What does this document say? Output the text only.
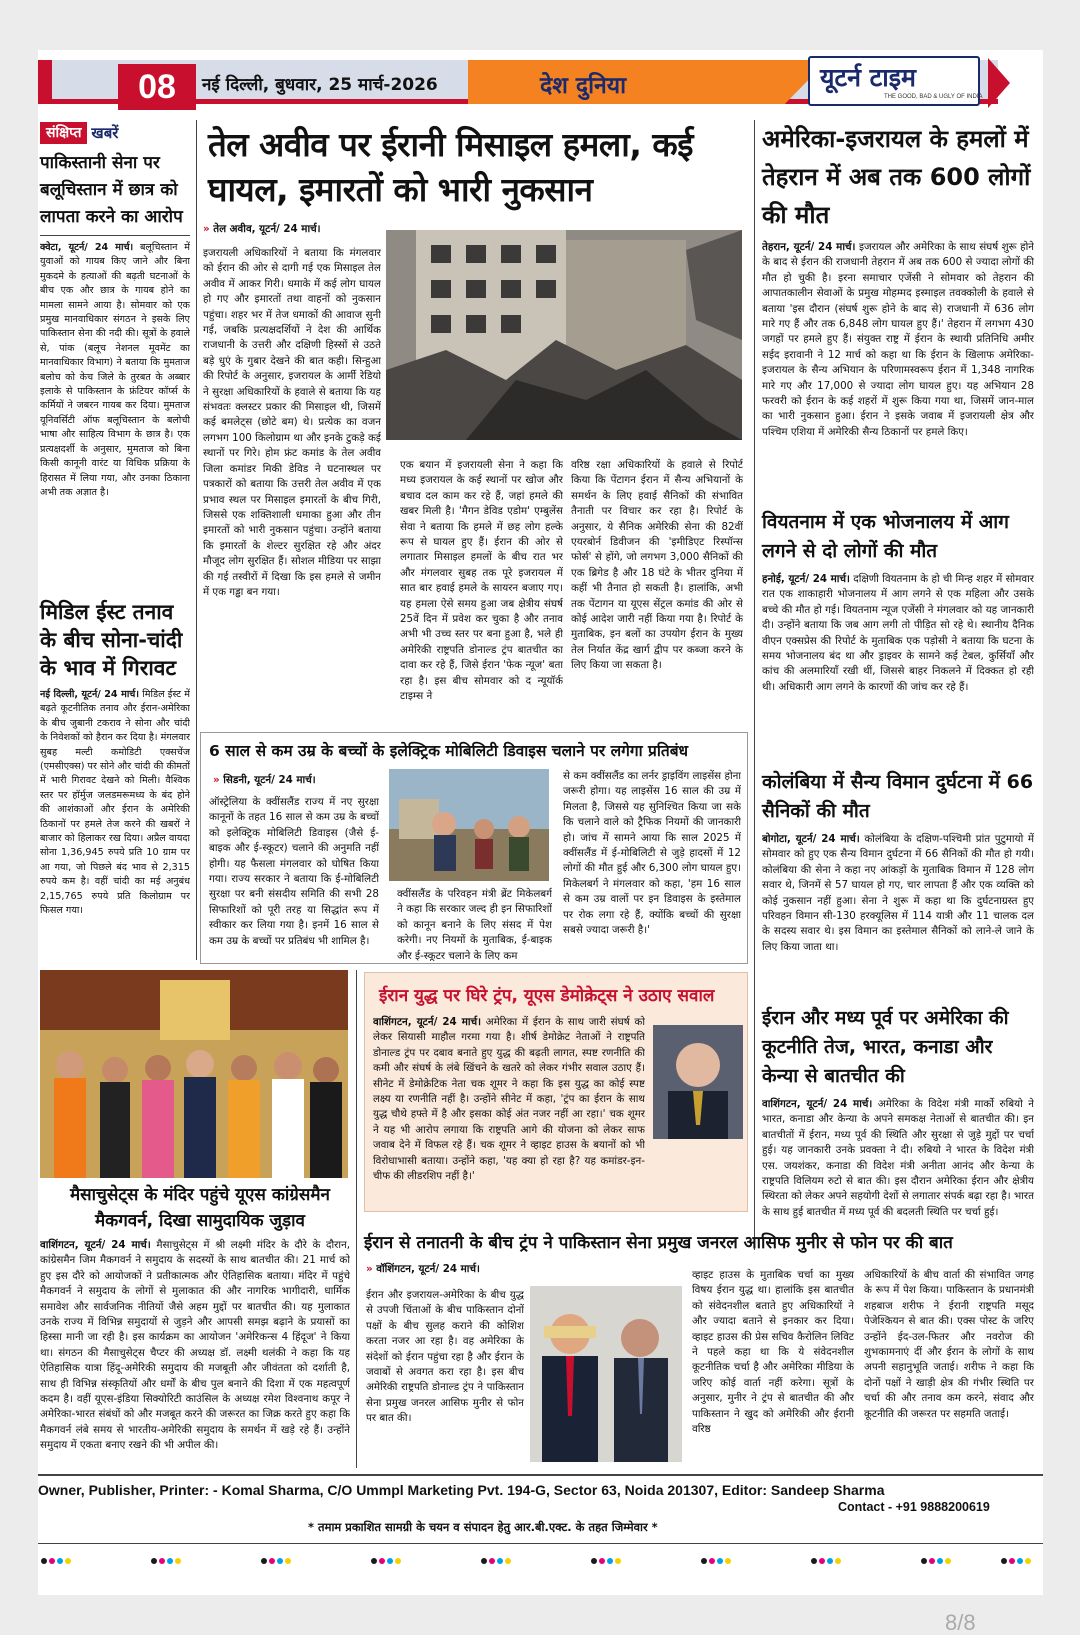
08	नई दिल्ली, बुधवार, 25 मार्च-2026	देश दुनिया	यूटर्न टाइम
THE GOOD, BAD & UGLY OF INDIA
संक्षिप्त खबरें
पाकिस्तानी सेना पर बलूचिस्तान में छात्र को लापता करने का आरोप
क्वेटा, यूटर्न/ 24 मार्च। बलूचिस्तान में युवाओं को गायब किए जाने और बिना मुकदमे के हत्याओं की बढ़ती घटनाओं के बीच एक और छात्र के गायब होने का मामला सामने आया है। सोमवार को एक प्रमुख मानवाधिकार संगठन ने इसके लिए पाकिस्तान सेना की नदी की। सूत्रों के हवाले से, पांक (बलूच नेशनल मूवमेंट का मानवाधिकार विभाग) ने बताया कि मुमताज बलोच को केच जिले के तुरबत के अब्बार इलाके से पाकिस्तान के फ्रंटियर कॉर्प्स के कर्मियों ने जबरन गायब कर दिया। मुमताज यूनिवर्सिटी ऑफ बलूचिस्तान के बलोची भाषा और साहित्य विभाग के छात्र है। एक प्रत्यक्षदर्शी के अनुसार, मुमताज को बिना किसी कानूनी वारंट या विधिक प्रक्रिया के हिरासत में लिया गया, और उनका ठिकाना अभी तक अज्ञात है।
मिडिल ईस्ट तनाव के बीच सोना-चांदी के भाव में गिरावट
नई दिल्ली, यूटर्न/ 24 मार्च। मिडिल ईस्ट में बढ़ते कूटनीतिक तनाव और ईरान-अमेरिका के बीच जुबानी टकराव ने सोना और चांदी के निवेशकों को हैरान कर दिया है। मंगलवार सुबह मल्टी कमोडिटी एक्सचेंज (एमसीएक्स) पर सोने और चांदी की कीमतों में भारी गिरावट देखने को मिली। वैश्विक स्तर पर हॉर्मुज जलडमरूमध्य के बंद होने की आशंकाओं और ईरान के अमेरिकी ठिकानों पर हमले तेज करने की खबरों ने बाजार को हिलाकर रख दिया। अप्रैल वायदा सोना 1,36,945 रुपये प्रति 10 ग्राम पर आ गया, जो पिछले बंद भाव से 2,315 रुपये कम है। वहीं चांदी का मई अनुबंध 2,15,765 रुपये प्रति किलोग्राम पर फिसल गया।
तेल अवीव पर ईरानी मिसाइल हमला, कई घायल, इमारतों को भारी नुकसान
» तेल अवीव, यूटर्न/ 24 मार्च।
इजरायली अधिकारियों ने बताया कि मंगलवार को ईरान की ओर से दागी गई एक मिसाइल तेल अवीव में आकर गिरी। धमाके में कई लोग घायल हो गए और इमारतों तथा वाहनों को नुकसान पहुंचा। शहर भर में तेज धमाकों की आवाज सुनी गई, जबकि प्रत्यक्षदर्शियों ने देश की आर्थिक राजधानी के उत्तरी और दक्षिणी हिस्सों से उठते बड़े धुएं के गुबार देखने की बात कही। सिन्हुआ की रिपोर्ट के अनुसार, इजरायल के आर्मी रेडियो ने सुरक्षा अधिकारियों के हवाले से बताया कि यह संभवतः क्लस्टर प्रकार की मिसाइल थी, जिसमें कई बमलेट्स (छोटे बम) थे। प्रत्येक का वजन लगभग 100 किलोग्राम था और इनके टुकड़े कई स्थानों पर गिरे। होम फ्रंट कमांड के तेल अवीव जिला कमांडर मिकी डेविड ने घटनास्थल पर पत्रकारों को बताया कि उत्तरी तेल अवीव में एक प्रभाव स्थल पर मिसाइल इमारतों के बीच गिरी, जिससे एक शक्तिशाली धमाका हुआ और तीन इमारतों को भारी नुकसान पहुंचा। उन्होंने बताया कि इमारतों के शेल्टर सुरक्षित रहे और अंदर मौजूद लोग सुरक्षित हैं। सोशल मीडिया पर साझा की गई तस्वीरों में दिखा कि इस हमले से जमीन में एक गड्ढा बन गया।
एक बयान में इजरायली सेना ने कहा कि मध्य इजरायल के कई स्थानों पर खोज और बचाव दल काम कर रहे हैं, जहां हमले की खबर मिली है। 'मैगन डेविड एडोम' एम्बुलेंस सेवा ने बताया कि हमले में छह लोग हल्के रूप से घायल हुए हैं। ईरान की ओर से लगातार मिसाइल हमलों के बीच रात भर और मंगलवार सुबह तक पूरे इजरायल में सात बार हवाई हमले के सायरन बजाए गए। यह हमला ऐसे समय हुआ जब क्षेत्रीय संघर्ष 25वें दिन में प्रवेश कर चुका है और तनाव अभी भी उच्च स्तर पर बना हुआ है, भले ही अमेरिकी राष्ट्रपति डोनाल्ड ट्रंप बातचीत का दावा कर रहे हैं, जिसे ईरान 'फेक न्यूज' बता रहा है। इस बीच सोमवार को द न्यूयॉर्क टाइम्स ने
वरिष्ठ रक्षा अधिकारियों के हवाले से रिपोर्ट किया कि पेंटागन ईरान में सैन्य अभियानों के समर्थन के लिए हवाई सैनिकों की संभावित तैनाती पर विचार कर रहा है। रिपोर्ट के अनुसार, ये सैनिक अमेरिकी सेना की 82वीं एयरबोर्न डिवीजन की 'इमीडिएट रिस्पॉन्स फोर्स' से होंगे, जो लगभग 3,000 सैनिकों की एक ब्रिगेड है और 18 घंटे के भीतर दुनिया में कहीं भी तैनात हो सकती है। हालांकि, अभी तक पेंटागन या यूएस सेंट्रल कमांड की ओर से कोई आदेश जारी नहीं किया गया है। रिपोर्ट के मुताबिक, इन बलों का उपयोग ईरान के मुख्य तेल निर्यात केंद्र खार्ग द्वीप पर कब्जा करने के लिए किया जा सकता है।
6 साल से कम उम्र के बच्चों के इलेक्ट्रिक मोबिलिटी डिवाइस चलाने पर लगेगा प्रतिबंध
» सिडनी, यूटर्न/ 24 मार्च।
ऑस्ट्रेलिया के क्वींसलैंड राज्य में नए सुरक्षा कानूनों के तहत 16 साल से कम उम्र के बच्चों को इलेक्ट्रिक मोबिलिटी डिवाइस (जैसे ई-बाइक और ई-स्कूटर) चलाने की अनुमति नहीं होगी। यह फैसला मंगलवार को घोषित किया गया। राज्य सरकार ने बताया कि ई-मोबिलिटी सुरक्षा पर बनी संसदीय समिति की सभी 28 सिफारिशों को पूरी तरह या सिद्धांत रूप में स्वीकार कर लिया गया है। इनमें 16 साल से कम उम्र के बच्चों पर प्रतिबंध भी शामिल है।
क्वींसलैंड के परिवहन मंत्री ब्रेंट मिकेलबर्ग ने कहा कि सरकार जल्द ही इन सिफारिशों को कानून बनाने के लिए संसद में पेश करेगी। नए नियमों के मुताबिक, ई-बाइक और ई-स्कूटर चलाने के लिए कम
से कम क्वींसलैंड का लर्नर ड्राइविंग लाइसेंस होना जरूरी होगा। यह लाइसेंस 16 साल की उम्र में मिलता है, जिससे यह सुनिश्चित किया जा सके कि चलाने वाले को ट्रैफिक नियमों की जानकारी हो। जांच में सामने आया कि साल 2025 में क्वींसलैंड में ई-मोबिलिटी से जुड़े हादसों में 12 लोगों की मौत हुई और 6,300 लोग घायल हुए। मिकेलबर्ग ने मंगलवार को कहा, 'हम 16 साल से कम उम्र वालों पर इन डिवाइस के इस्तेमाल पर रोक लगा रहे हैं, क्योंकि बच्चों की सुरक्षा सबसे ज्यादा जरूरी है।'
अमेरिका-इजरायल के हमलों में तेहरान में अब तक 600 लोगों की मौत
तेहरान, यूटर्न/ 24 मार्च। इजरायल और अमेरिका के साथ संघर्ष शुरू होने के बाद से ईरान की राजधानी तेहरान में अब तक 600 से ज्यादा लोगों की मौत हो चुकी है। इरना समाचार एजेंसी ने सोमवार को तेहरान की आपातकालीन सेवाओं के प्रमुख मोहम्मद इस्माइल तवक्कोली के हवाले से बताया 'इस दौरान (संघर्ष शुरू होने के बाद से) राजधानी में 636 लोग मारे गए हैं और तक 6,848 लोग घायल हुए हैं।' तेहरान में लगभग 430 जगहों पर हमले हुए हैं। संयुक्त राष्ट्र में ईरान के स्थायी प्रतिनिधि अमीर सईद इरावानी ने 12 मार्च को कहा था कि ईरान के खिलाफ अमेरिका-इजरायल के सैन्य अभियान के परिणामस्वरूप ईरान में 1,348 नागरिक मारे गए और 17,000 से ज्यादा लोग घायल हुए। यह अभियान 28 फरवरी को ईरान के कई शहरों में शुरू किया गया था, जिसमें जान-माल का भारी नुकसान हुआ। ईरान ने इसके जवाब में इजरायली क्षेत्र और पश्चिम एशिया में अमेरिकी सैन्य ठिकानों पर हमले किए।
वियतनाम में एक भोजनालय में आग लगने से दो लोगों की मौत
हनोई, यूटर्न/ 24 मार्च। दक्षिणी वियतनाम के हो ची मिन्ह शहर में सोमवार रात एक शाकाहारी भोजनालय में आग लगने से एक महिला और उसके बच्चे की मौत हो गई। वियतनाम न्यूज एजेंसी ने मंगलवार को यह जानकारी दी। उन्होंने बताया कि जब आग लगी तो पीड़ित सो रहे थे। स्थानीय दैनिक वीएन एक्सप्रेस की रिपोर्ट के मुताबिक एक पड़ोसी ने बताया कि घटना के समय भोजनालय बंद था और ड्राइवर के सामने कई टेबल, कुर्सियाँ और कांच की अलमारियाँ रखी थीं, जिससे बाहर निकलने में दिक्कत हो रही थी। अधिकारी आग लगने के कारणों की जांच कर रहे हैं।
कोलंबिया में सैन्य विमान दुर्घटना में 66 सैनिकों की मौत
बोगोटा, यूटर्न/ 24 मार्च। कोलंबिया के दक्षिण-पश्चिमी प्रांत पुटुमायो में सोमवार को हुए एक सैन्य विमान दुर्घटना में 66 सैनिकों की मौत हो गयी। कोलंबिया की सेना ने कहा नए आंकड़ों के मुताबिक विमान में 128 लोग सवार थे, जिनमें से 57 घायल हो गए, चार लापता हैं और एक व्यक्ति को कोई नुकसान नहीं हुआ। सेना ने शुरू में कहा था कि दुर्घटनाग्रस्त हुए परिवहन विमान सी-130 हरक्यूलिस में 114 यात्री और 11 चालक दल के सदस्य सवार थे। इस विमान का इस्तेमाल सैनिकों को लाने-ले जाने के लिए किया जाता था।
ईरान और मध्य पूर्व पर अमेरिका की कूटनीति तेज, भारत, कनाडा और केन्या से बातचीत की
वाशिंगटन, यूटर्न/ 24 मार्च। अमेरिका के विदेश मंत्री मार्को रुबियो ने भारत, कनाडा और केन्या के अपने समकक्ष नेताओं से बातचीत की। इन बातचीतों में ईरान, मध्य पूर्व की स्थिति और सुरक्षा से जुड़े मुद्दों पर चर्चा हुई। यह जानकारी उनके प्रवक्ता ने दी। रुबियो ने भारत के विदेश मंत्री एस. जयशंकर, कनाडा की विदेश मंत्री अनीता आनंद और केन्या के राष्ट्रपति विलियम रुटो से बात की। इस दौरान अमेरिका ईरान और क्षेत्रीय स्थिरता को लेकर अपने सहयोगी देशों से लगातार संपर्क बढ़ा रहा है। भारत के साथ हुई बातचीत में मध्य पूर्व की बदलती स्थिति पर चर्चा हुई।
मैसाचुसेट्स के मंदिर पहुंचे यूएस कांग्रेसमैन मैकगवर्न, दिखा सामुदायिक जुड़ाव
वाशिंगटन, यूटर्न/ 24 मार्च। मैसाचुसेट्स में श्री लक्ष्मी मंदिर के दौरे के दौरान, कांग्रेसमैन जिम मैकगवर्न ने समुदाय के सदस्यों के साथ बातचीत की। 21 मार्च को हुए इस दौरे को आयोजकों ने प्रतीकात्मक और ऐतिहासिक बताया। मंदिर में पहुंचे मैकगवर्न ने समुदाय के लोगों से मुलाकात की और नागरिक भागीदारी, धार्मिक समावेश और सार्वजनिक नीतियों जैसे अहम मुद्दों पर बातचीत की। यह मुलाकात उनके राज्य में विभिन्न समुदायों से जुड़ने और आपसी समझ बढ़ाने के प्रयासों का हिस्सा मानी जा रही है। इस कार्यक्रम का आयोजन 'अमेरिकन्स 4 हिंदूज' ने किया था। संगठन की मैसाचुसेट्स चैप्टर की अध्यक्ष डॉ. लक्ष्मी थलंकी ने कहा कि यह ऐतिहासिक यात्रा हिंदू-अमेरिकी समुदाय की मजबूती और जीवंतता को दर्शाती है, साथ ही विभिन्न संस्कृतियों और धर्मों के बीच पुल बनाने की दिशा में एक महत्वपूर्ण कदम है। वहीं यूएस-इंडिया सिक्योरिटी काउंसिल के अध्यक्ष रमेश विश्वनाथ कपूर ने अमेरिका-भारत संबंधों को और मजबूत करने की जरूरत का जिक्र करते हुए कहा कि मैकगवर्न लंबे समय से भारतीय-अमेरिकी समुदाय के समर्थन में खड़े रहे हैं। उन्होंने समुदाय में एकता बनाए रखने की भी अपील की।
ईरान युद्ध पर घिरे ट्रंप, यूएस डेमोक्रेट्स ने उठाए सवाल
वाशिंगटन, यूटर्न/ 24 मार्च। अमेरिका में ईरान के साथ जारी संघर्ष को लेकर सियासी माहौल गरमा गया है। शीर्ष डेमोक्रेट नेताओं ने राष्ट्रपति डोनाल्ड ट्रंप पर दबाव बनाते हुए युद्ध की बढ़ती लागत, स्पष्ट रणनीति की कमी और संघर्ष के लंबे खिंचने के खतरे को लेकर गंभीर सवाल उठाए हैं। सीनेट में डेमोक्रेटिक नेता चक शूमर ने कहा कि इस युद्ध का कोई स्पष्ट लक्ष्य या रणनीति नहीं है। उन्होंने सीनेट में कहा, 'ट्रंप का ईरान के साथ युद्ध चौथे हफ्ते में है और इसका कोई अंत नजर नहीं आ रहा।' चक शूमर ने यह भी आरोप लगाया कि राष्ट्रपति आगे की योजना को लेकर साफ जवाब देने में विफल रहे हैं। चक शूमर ने व्हाइट हाउस के बयानों को भी विरोधाभासी बताया। उन्होंने कहा, 'यह क्या हो रहा है? यह कमांडर-इन-चीफ की लीडरशिप नहीं है।'
ईरान से तनातनी के बीच ट्रंप ने पाकिस्तान सेना प्रमुख जनरल आसिफ मुनीर से फोन पर की बात
» वॉशिंगटन, यूटर्न/ 24 मार्च।
ईरान और इजरायल-अमेरिका के बीच युद्ध से उपजी चिंताओं के बीच पाकिस्तान दोनों पक्षों के बीच सुलह कराने की कोशिश करता नजर आ रहा है। वह अमेरिका के संदेशों को ईरान पहुंचा रहा है और ईरान के जवाबों से अवगत करा रहा है। इस बीच अमेरिकी राष्ट्रपति डोनाल्ड ट्रंप ने पाकिस्तान सेना प्रमुख जनरल आसिफ मुनीर से फोन पर बात की।
व्हाइट हाउस के मुताबिक चर्चा का मुख्य विषय ईरान युद्ध था। हालांकि इस बातचीत को संवेदनशील बताते हुए अधिकारियों ने और ज्यादा बताने से इनकार कर दिया। व्हाइट हाउस की प्रेस सचिव कैरोलिन लिविट ने पहले कहा था कि ये संवेदनशील कूटनीतिक चर्चा है और अमेरिका मीडिया के जरिए कोई वार्ता नहीं करेगा। सूत्रों के अनुसार, मुनीर ने ट्रंप से बातचीत की और पाकिस्तान ने खुद को अमेरिकी और ईरानी वरिष्ठ
अधिकारियों के बीच वार्ता की संभावित जगह के रूप में पेश किया। पाकिस्तान के प्रधानमंत्री शहबाज शरीफ ने ईरानी राष्ट्रपति मसूद पेजेश्कियन से बात की। एक्स पोस्ट के जरिए उन्होंने ईद-उल-फितर और नवरोज की शुभकामनाएं दीं और ईरान के लोगों के साथ अपनी सहानुभूति जताई। शरीफ ने कहा कि दोनों पक्षों ने खाड़ी क्षेत्र की गंभीर स्थिति पर चर्चा की और तनाव कम करने, संवाद और कूटनीति की जरूरत पर सहमति जताई।
Owner, Publisher, Printer: - Komal Sharma, C/O Ummpl Marketing Pvt. 194-G, Sector 63, Noida 201307, Editor: Sandeep Sharma
Contact - +91 9888200619
* तमाम प्रकाशित सामग्री के चयन व संपादन हेतु आर.बी.एक्ट. के तहत जिम्मेवार *
8/8
